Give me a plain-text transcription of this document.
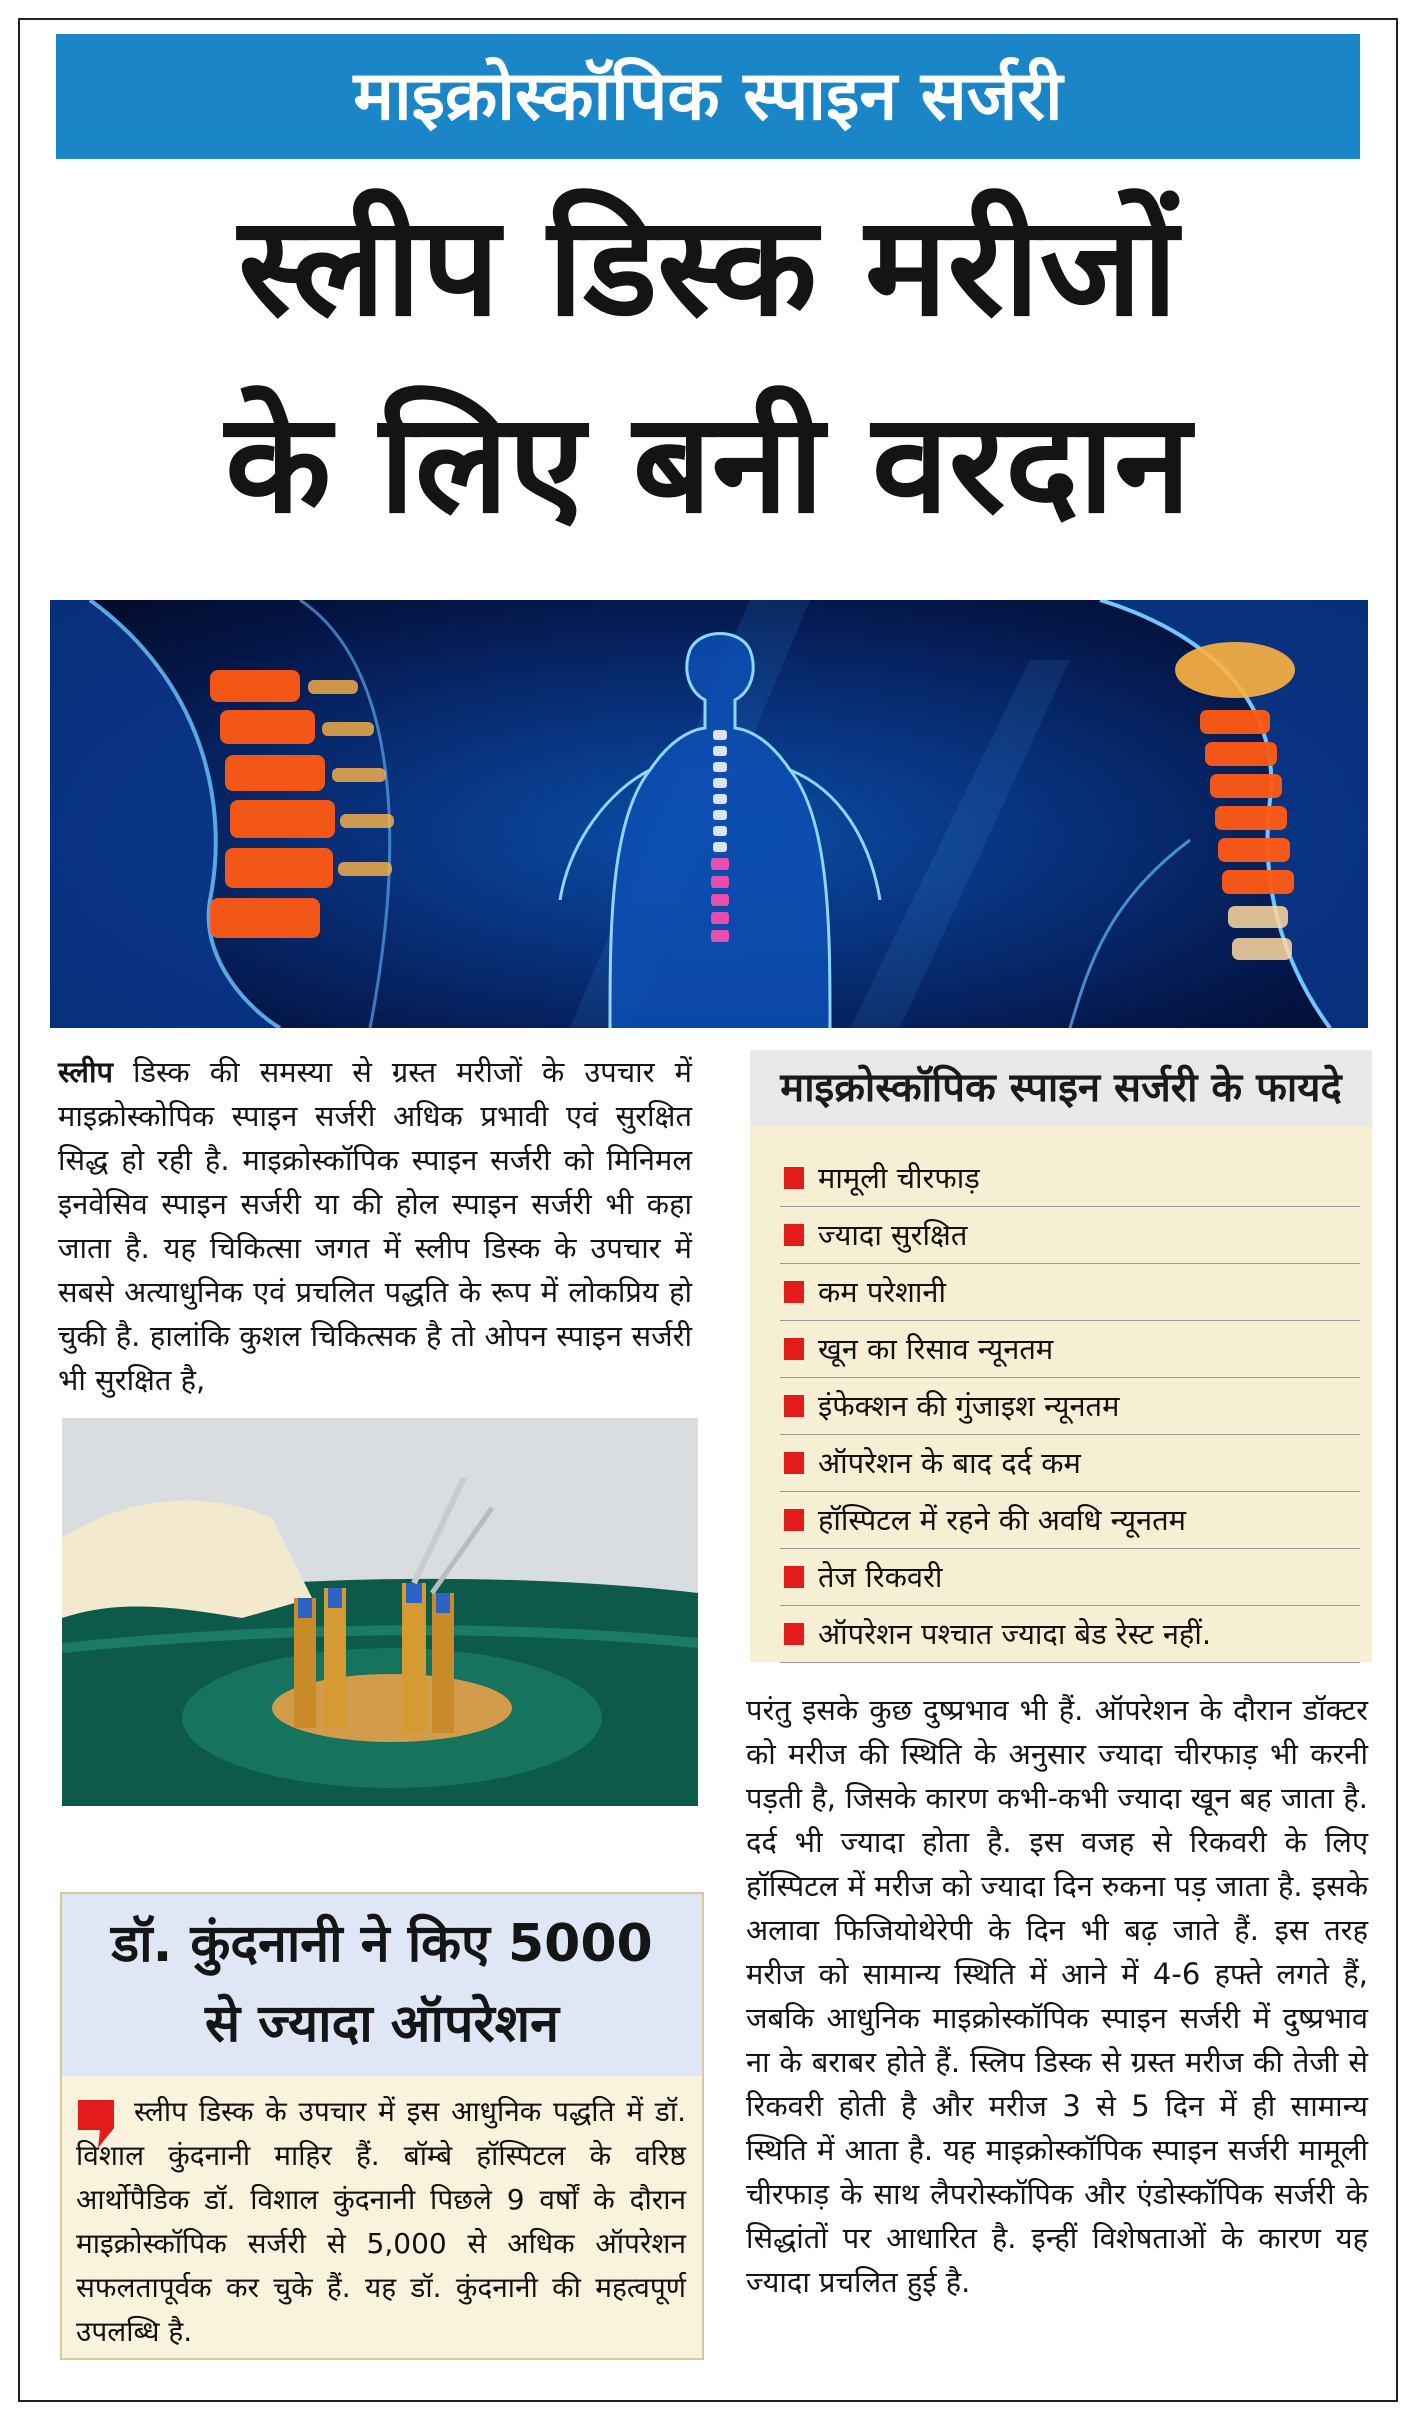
माइक्रोस्कॉपिक स्पाइन सर्जरी
स्लीप डिस्क मरीजों
के लिए बनी वरदान
स्लीप डिस्क की समस्या से ग्रस्त मरीजों के उपचार में माइक्रोस्कोपिक स्पाइन सर्जरी अधिक प्रभावी एवं सुरक्षित सिद्ध हो रही है. माइक्रोस्कॉपिक स्पाइन सर्जरी को मिनिमल इनवेसिव स्पाइन सर्जरी या की होल स्पाइन सर्जरी भी कहा जाता है. यह चिकित्सा जगत में स्लीप डिस्क के उपचार में सबसे अत्याधुनिक एवं प्रचलित पद्धति के रूप में लोकप्रिय हो चुकी है. हालांकि कुशल चिकित्सक है तो ओपन स्पाइन सर्जरी भी सुरक्षित है,
डॉ. कुंदनानी ने किए 5000
से ज्यादा ऑपरेशन
स्लीप डिस्क के उपचार में इस आधुनिक पद्धति में डॉ. विशाल कुंदनानी माहिर हैं. बॉम्बे हॉस्पिटल के वरिष्ठ आर्थोपैडिक डॉ. विशाल कुंदनानी पिछले 9 वर्षों के दौरान माइक्रोस्कॉपिक सर्जरी से 5,000 से अधिक ऑपरेशन सफलतापूर्वक कर चुके हैं. यह डॉ. कुंदनानी की महत्वपूर्ण उपलब्धि है.
माइक्रोस्कॉपिक स्पाइन सर्जरी के फायदे
मामूली चीरफाड़
ज्यादा सुरक्षित
कम परेशानी
खून का रिसाव न्यूनतम
इंफेक्शन की गुंजाइश न्यूनतम
ऑपरेशन के बाद दर्द कम
हॉस्पिटल में रहने की अवधि न्यूनतम
तेज रिकवरी
ऑपरेशन पश्चात ज्यादा बेड रेस्ट नहीं.
परंतु इसके कुछ दुष्प्रभाव भी हैं. ऑपरेशन के दौरान डॉक्टर को मरीज की स्थिति के अनुसार ज्यादा चीरफाड़ भी करनी पड़ती है, जिसके कारण कभी-कभी ज्यादा खून बह जाता है. दर्द भी ज्यादा होता है. इस वजह से रिकवरी के लिए हॉस्पिटल में मरीज को ज्यादा दिन रुकना पड़ जाता है. इसके अलावा फिजियोथेरेपी के दिन भी बढ़ जाते हैं. इस तरह मरीज को सामान्य स्थिति में आने में 4-6 हफ्ते लगते हैं, जबकि आधुनिक माइक्रोस्कॉपिक स्पाइन सर्जरी में दुष्प्रभाव ना के बराबर होते हैं. स्लिप डिस्क से ग्रस्त मरीज की तेजी से रिकवरी होती है और मरीज 3 से 5 दिन में ही सामान्य स्थिति में आता है. यह माइक्रोस्कॉपिक स्पाइन सर्जरी मामूली चीरफाड़ के साथ लैपरोस्कॉपिक और एंडोस्कॉपिक सर्जरी के सिद्धांतों पर आधारित है. इन्हीं विशेषताओं के कारण यह ज्यादा प्रचलित हुई है.
